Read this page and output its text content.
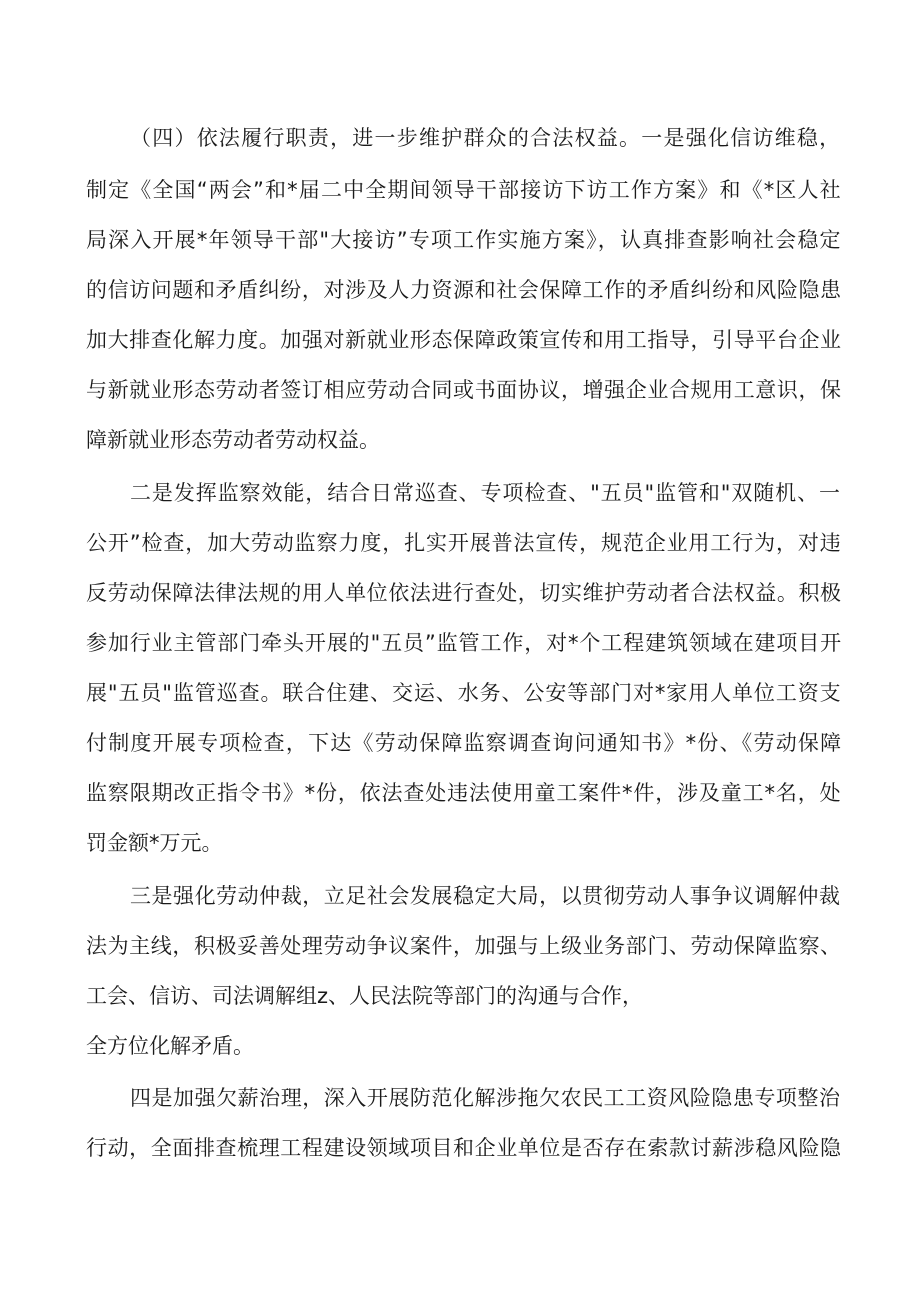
（四）依法履行职责，进一步维护群众的合法权益。一是强化信访维稳，
制定《全国“两会”和*届二中全期间领导干部接访下访工作方案》和《*区人社
局深入开展*年领导干部"大接访”专项工作实施方案》，认真排查影响社会稳定
的信访问题和矛盾纠纷，对涉及人力资源和社会保障工作的矛盾纠纷和风险隐患
加大排查化解力度。加强对新就业形态保障政策宣传和用工指导，引导平台企业
与新就业形态劳动者签订相应劳动合同或书面协议，增强企业合规用工意识，保
障新就业形态劳动者劳动权益。
二是发挥监察效能，结合日常巡查、专项检查、"五员"监管和"双随机、一
公开”检查，加大劳动监察力度，扎实开展普法宣传，规范企业用工行为，对违
反劳动保障法律法规的用人单位依法进行查处，切实维护劳动者合法权益。积极
参加行业主管部门牵头开展的"五员”监管工作，对*个工程建筑领域在建项目开
展"五员"监管巡查。联合住建、交运、水务、公安等部门对*家用人单位工资支
付制度开展专项检查，下达《劳动保障监察调查询问通知书》*份、《劳动保障
监察限期改正指令书》*份，依法查处违法使用童工案件*件，涉及童工*名，处
罚金额*万元。
三是强化劳动仲裁，立足社会发展稳定大局，以贯彻劳动人事争议调解仲裁
法为主线，积极妥善处理劳动争议案件，加强与上级业务部门、劳动保障监察、
工会、信访、司法调解组z、人民法院等部门的沟通与合作，
全方位化解矛盾。
四是加强欠薪治理，深入开展防范化解涉拖欠农民工工资风险隐患专项整治
行动，全面排查梳理工程建设领域项目和企业单位是否存在索款讨薪涉稳风险隐
